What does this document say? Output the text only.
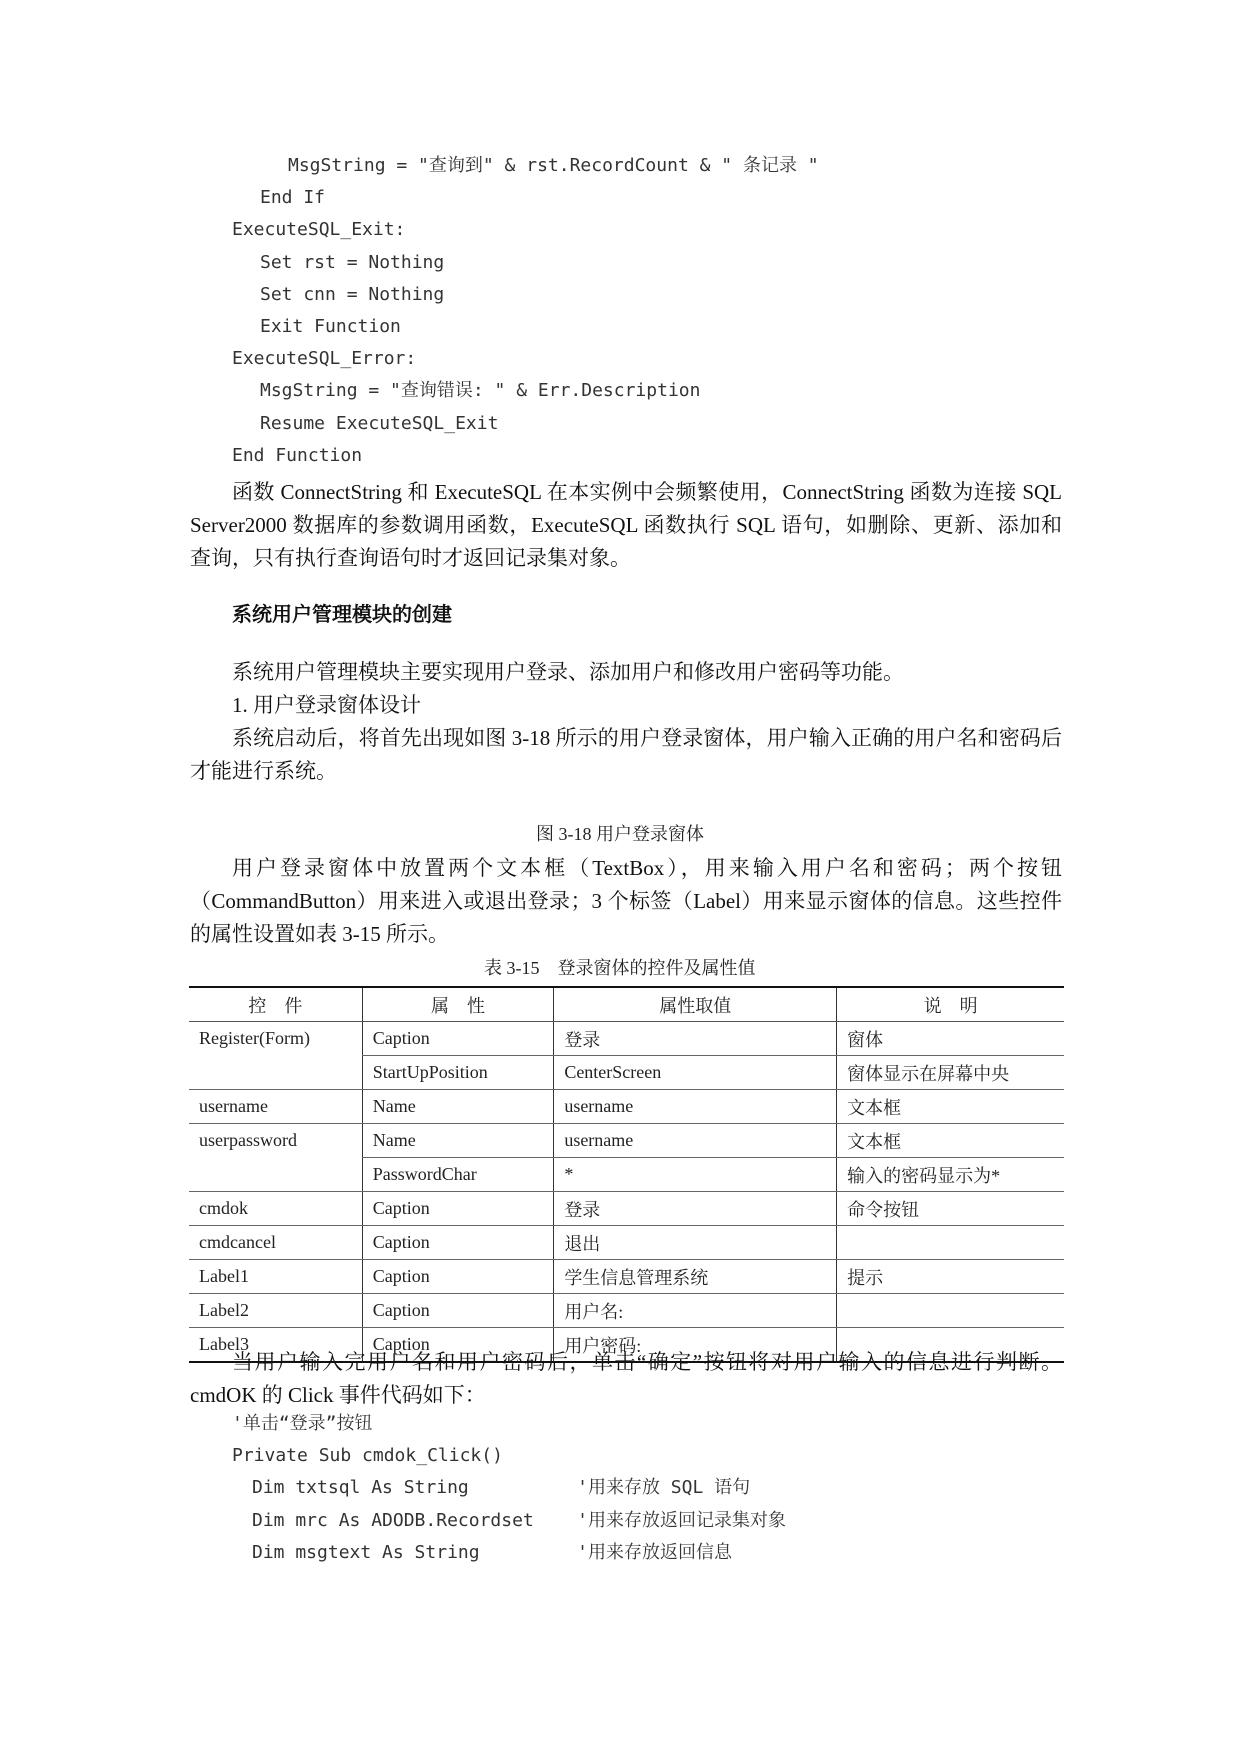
MsgString = "查询到" & rst.RecordCount & " 条记录 "
End If
ExecuteSQL_Exit:
Set rst = Nothing
Set cnn = Nothing
Exit Function
ExecuteSQL_Error:
MsgString = "查询错误: " & Err.Description
Resume ExecuteSQL_Exit
End Function

函数 ConnectString 和 ExecuteSQL 在本实例中会频繁使用，ConnectString 函数为连接 SQL Server2000 数据库的参数调用函数，ExecuteSQL 函数执行 SQL 语句，如删除、更新、添加和查询，只有执行查询语句时才返回记录集对象。

系统用户管理模块的创建

系统用户管理模块主要实现用户登录、添加用户和修改用户密码等功能。

1. 用户登录窗体设计

系统启动后，将首先出现如图 3-18 所示的用户登录窗体，用户输入正确的用户名和密码后才能进行系统。

图 3-18 用户登录窗体

用户登录窗体中放置两个文本框（TextBox），用来输入用户名和密码；两个按钮（CommandButton）用来进入或退出登录；3 个标签（Label）用来显示窗体的信息。这些控件的属性设置如表 3-15 所示。

表 3-15　登录窗体的控件及属性值
控　件	属　性	属性取值	说　明
Register(Form)	Caption	登录	窗体
	StartUpPosition	CenterScreen	窗体显示在屏幕中央
username	Name	username	文本框
userpassword	Name	username	文本框
	PasswordChar	*	输入的密码显示为*
cmdok	Caption	登录	命令按钮
cmdcancel	Caption	退出	
Label1	Caption	学生信息管理系统	提示
Label2	Caption	用户名:	
Label3	Caption	用户密码:	

当用户输入完用户名和用户密码后，单击“确定”按钮将对用户输入的信息进行判断。cmdOK 的 Click 事件代码如下：

'单击“登录”按钮
Private Sub cmdok_Click()
Dim txtsql As String          '用来存放 SQL 语句
Dim mrc As ADODB.Recordset    '用来存放返回记录集对象
Dim msgtext As String         '用来存放返回信息
